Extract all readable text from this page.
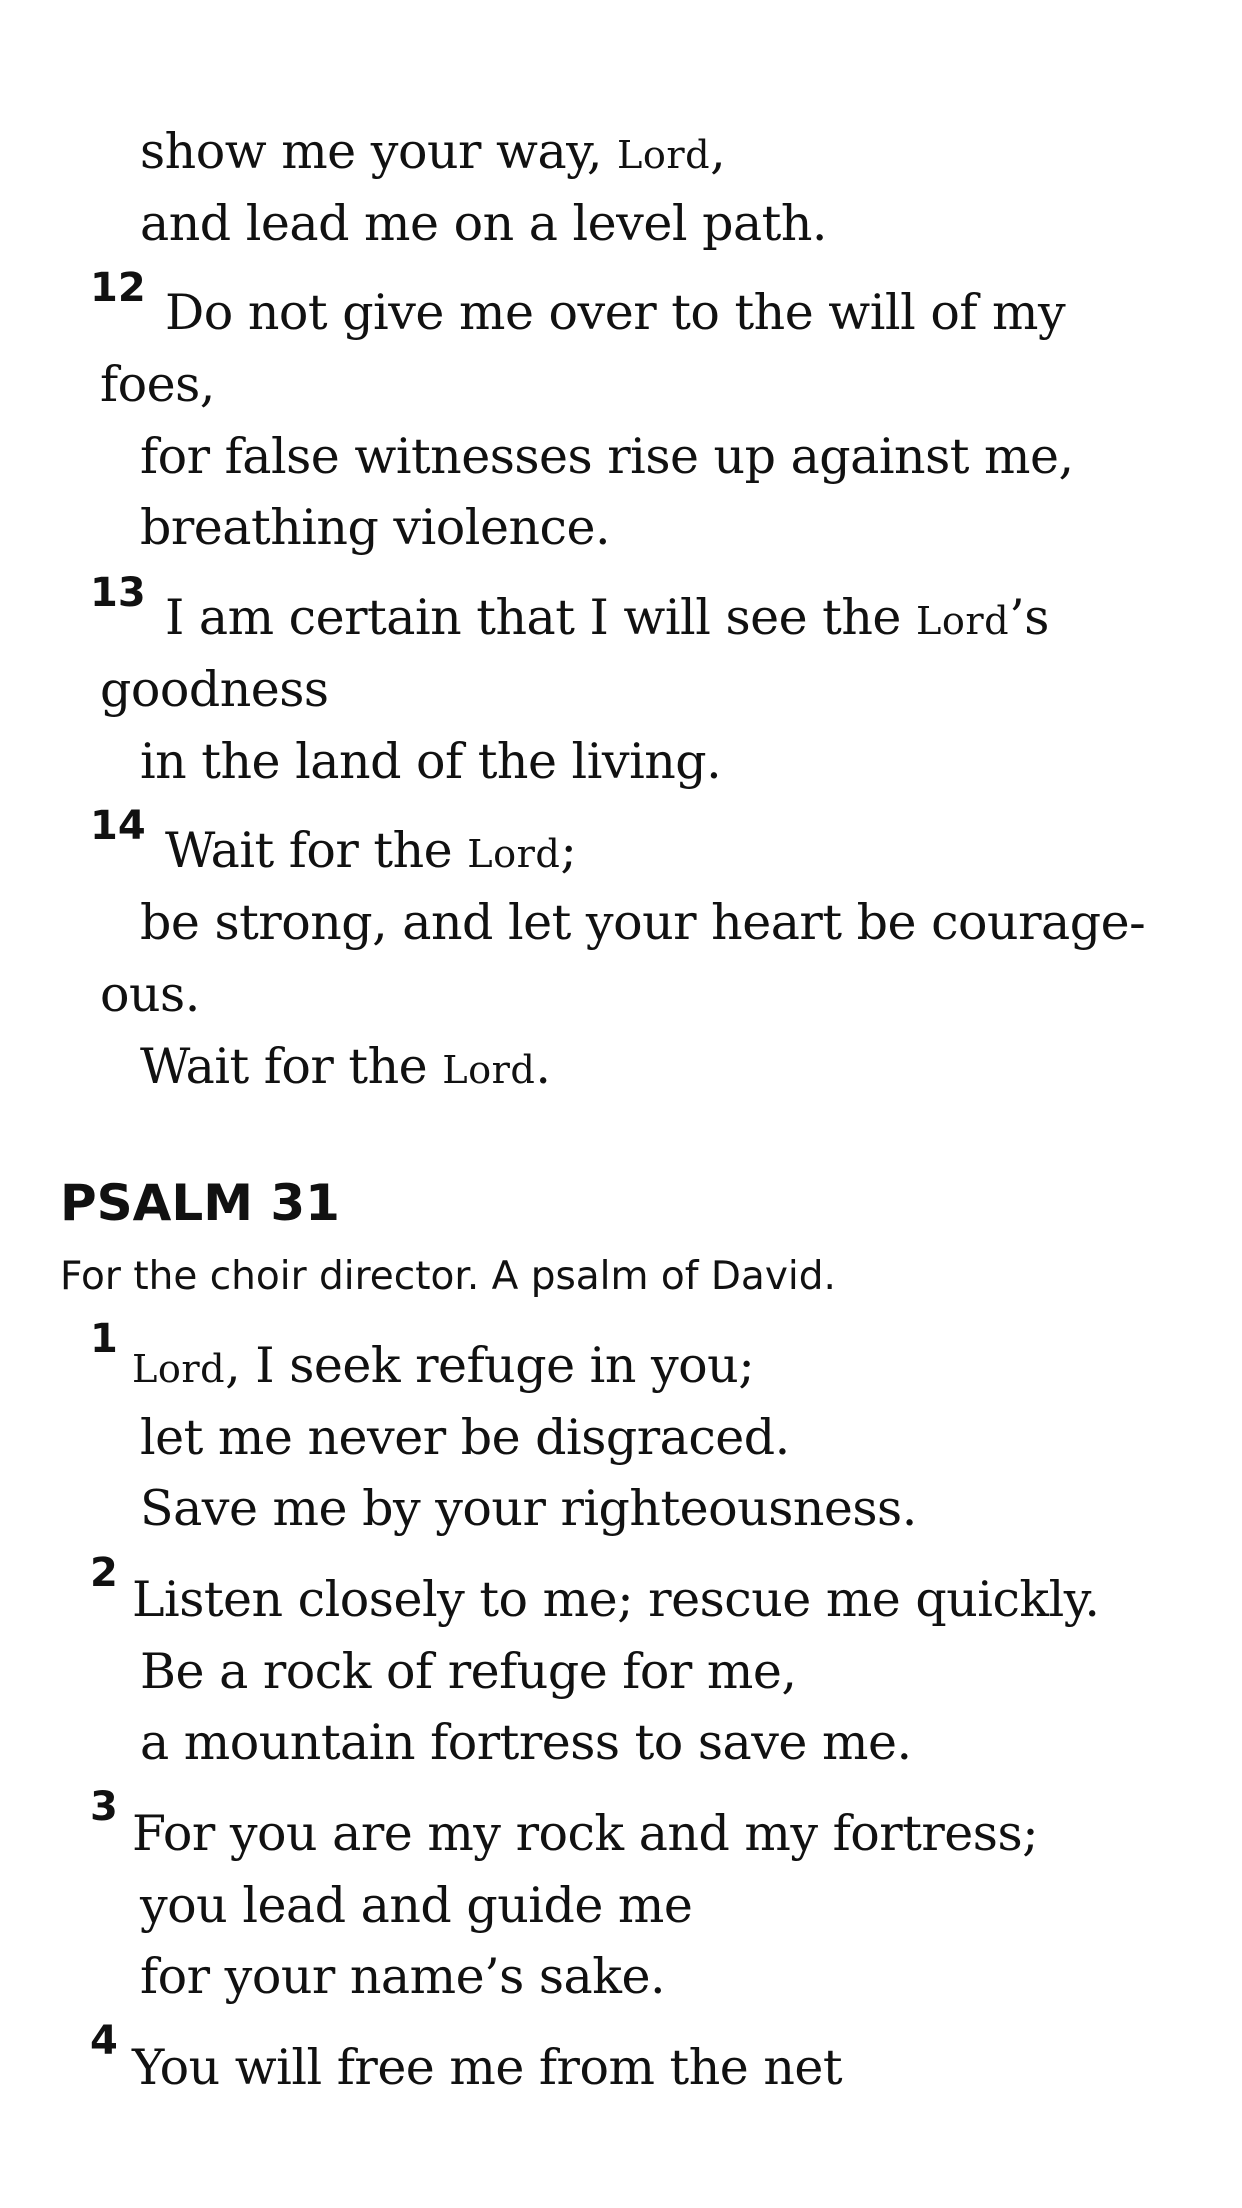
show me your way, Lord,
and lead me on a level path.
12 Do not give me over to the will of my
foes,
for false witnesses rise up against me,
breathing violence.
13 I am certain that I will see the Lord’s
goodness
in the land of the living.
14 Wait for the Lord;
be strong, and let your heart be courage-
ous.
Wait for the Lord.
PSALM 31
For the choir director. A psalm of David.
1
Lord, I seek refuge in you;
let me never be disgraced.
Save me by your righteousness.
2 Listen closely to me; rescue me quickly.
Be a rock of refuge for me,
a mountain fortress to save me.
3 For you are my rock and my fortress;
you lead and guide me
for your name’s sake.
4 You will free me from the net
